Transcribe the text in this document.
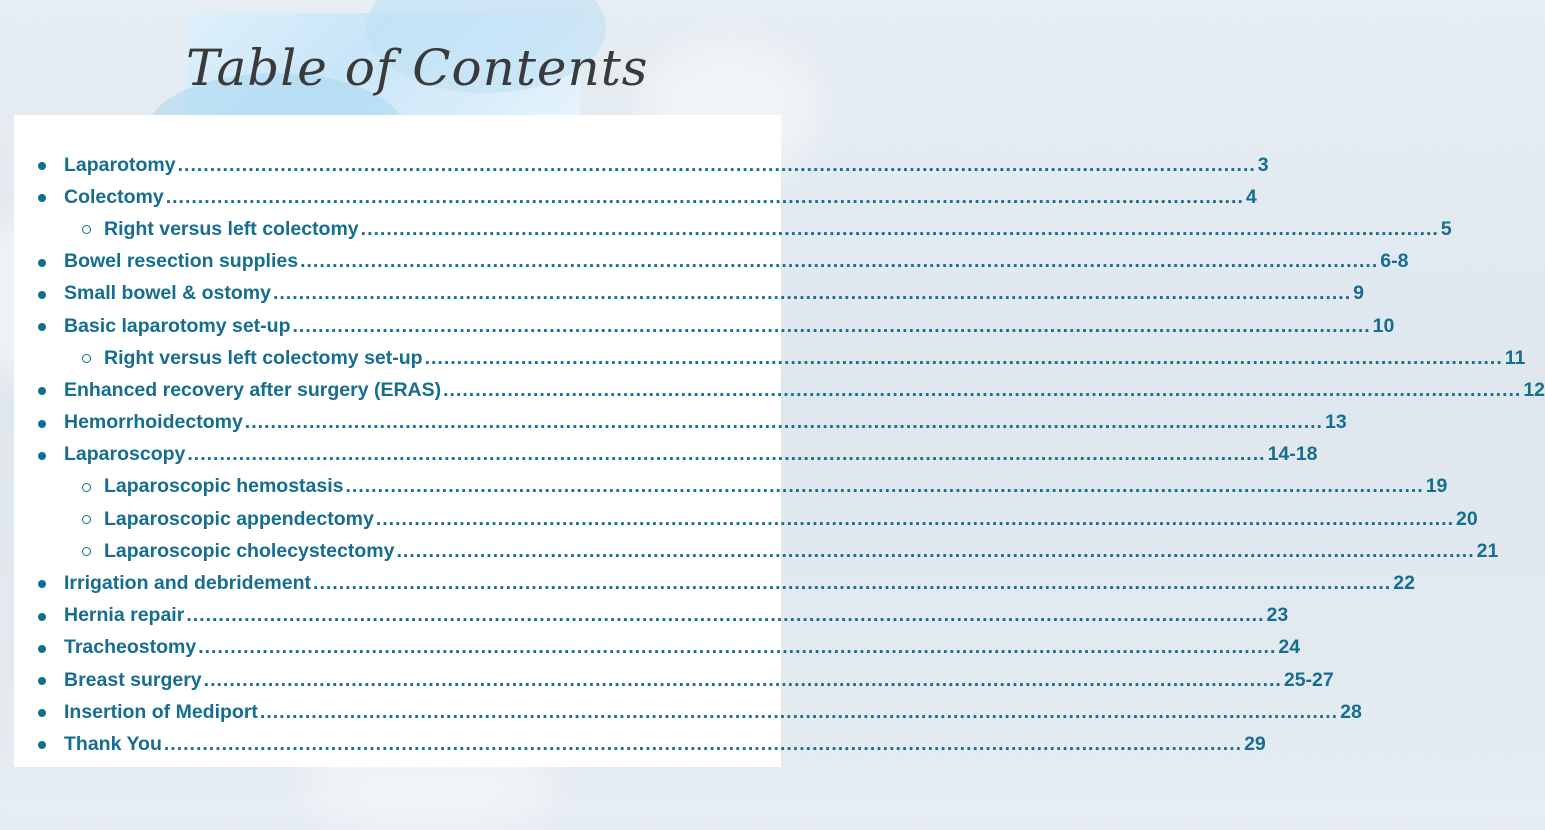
Table of Contents
Laparotomy .....	3
Colectomy .....	4
Right versus left colectomy .....	5
Bowel resection supplies .....	6-8
Small bowel & ostomy .....	9
Basic laparotomy set-up .....	10
Right versus left colectomy set-up .....	11
Enhanced recovery after surgery (ERAS) .....	12
Hemorrhoidectomy .....	13
Laparoscopy .....	14-18
Laparoscopic hemostasis .....	19
Laparoscopic appendectomy .....	20
Laparoscopic cholecystectomy .....	21
Irrigation and debridement .....	22
Hernia repair .....	23
Tracheostomy .....	24
Breast surgery .....	25-27
Insertion of Mediport .....	28
Thank You .....	29
